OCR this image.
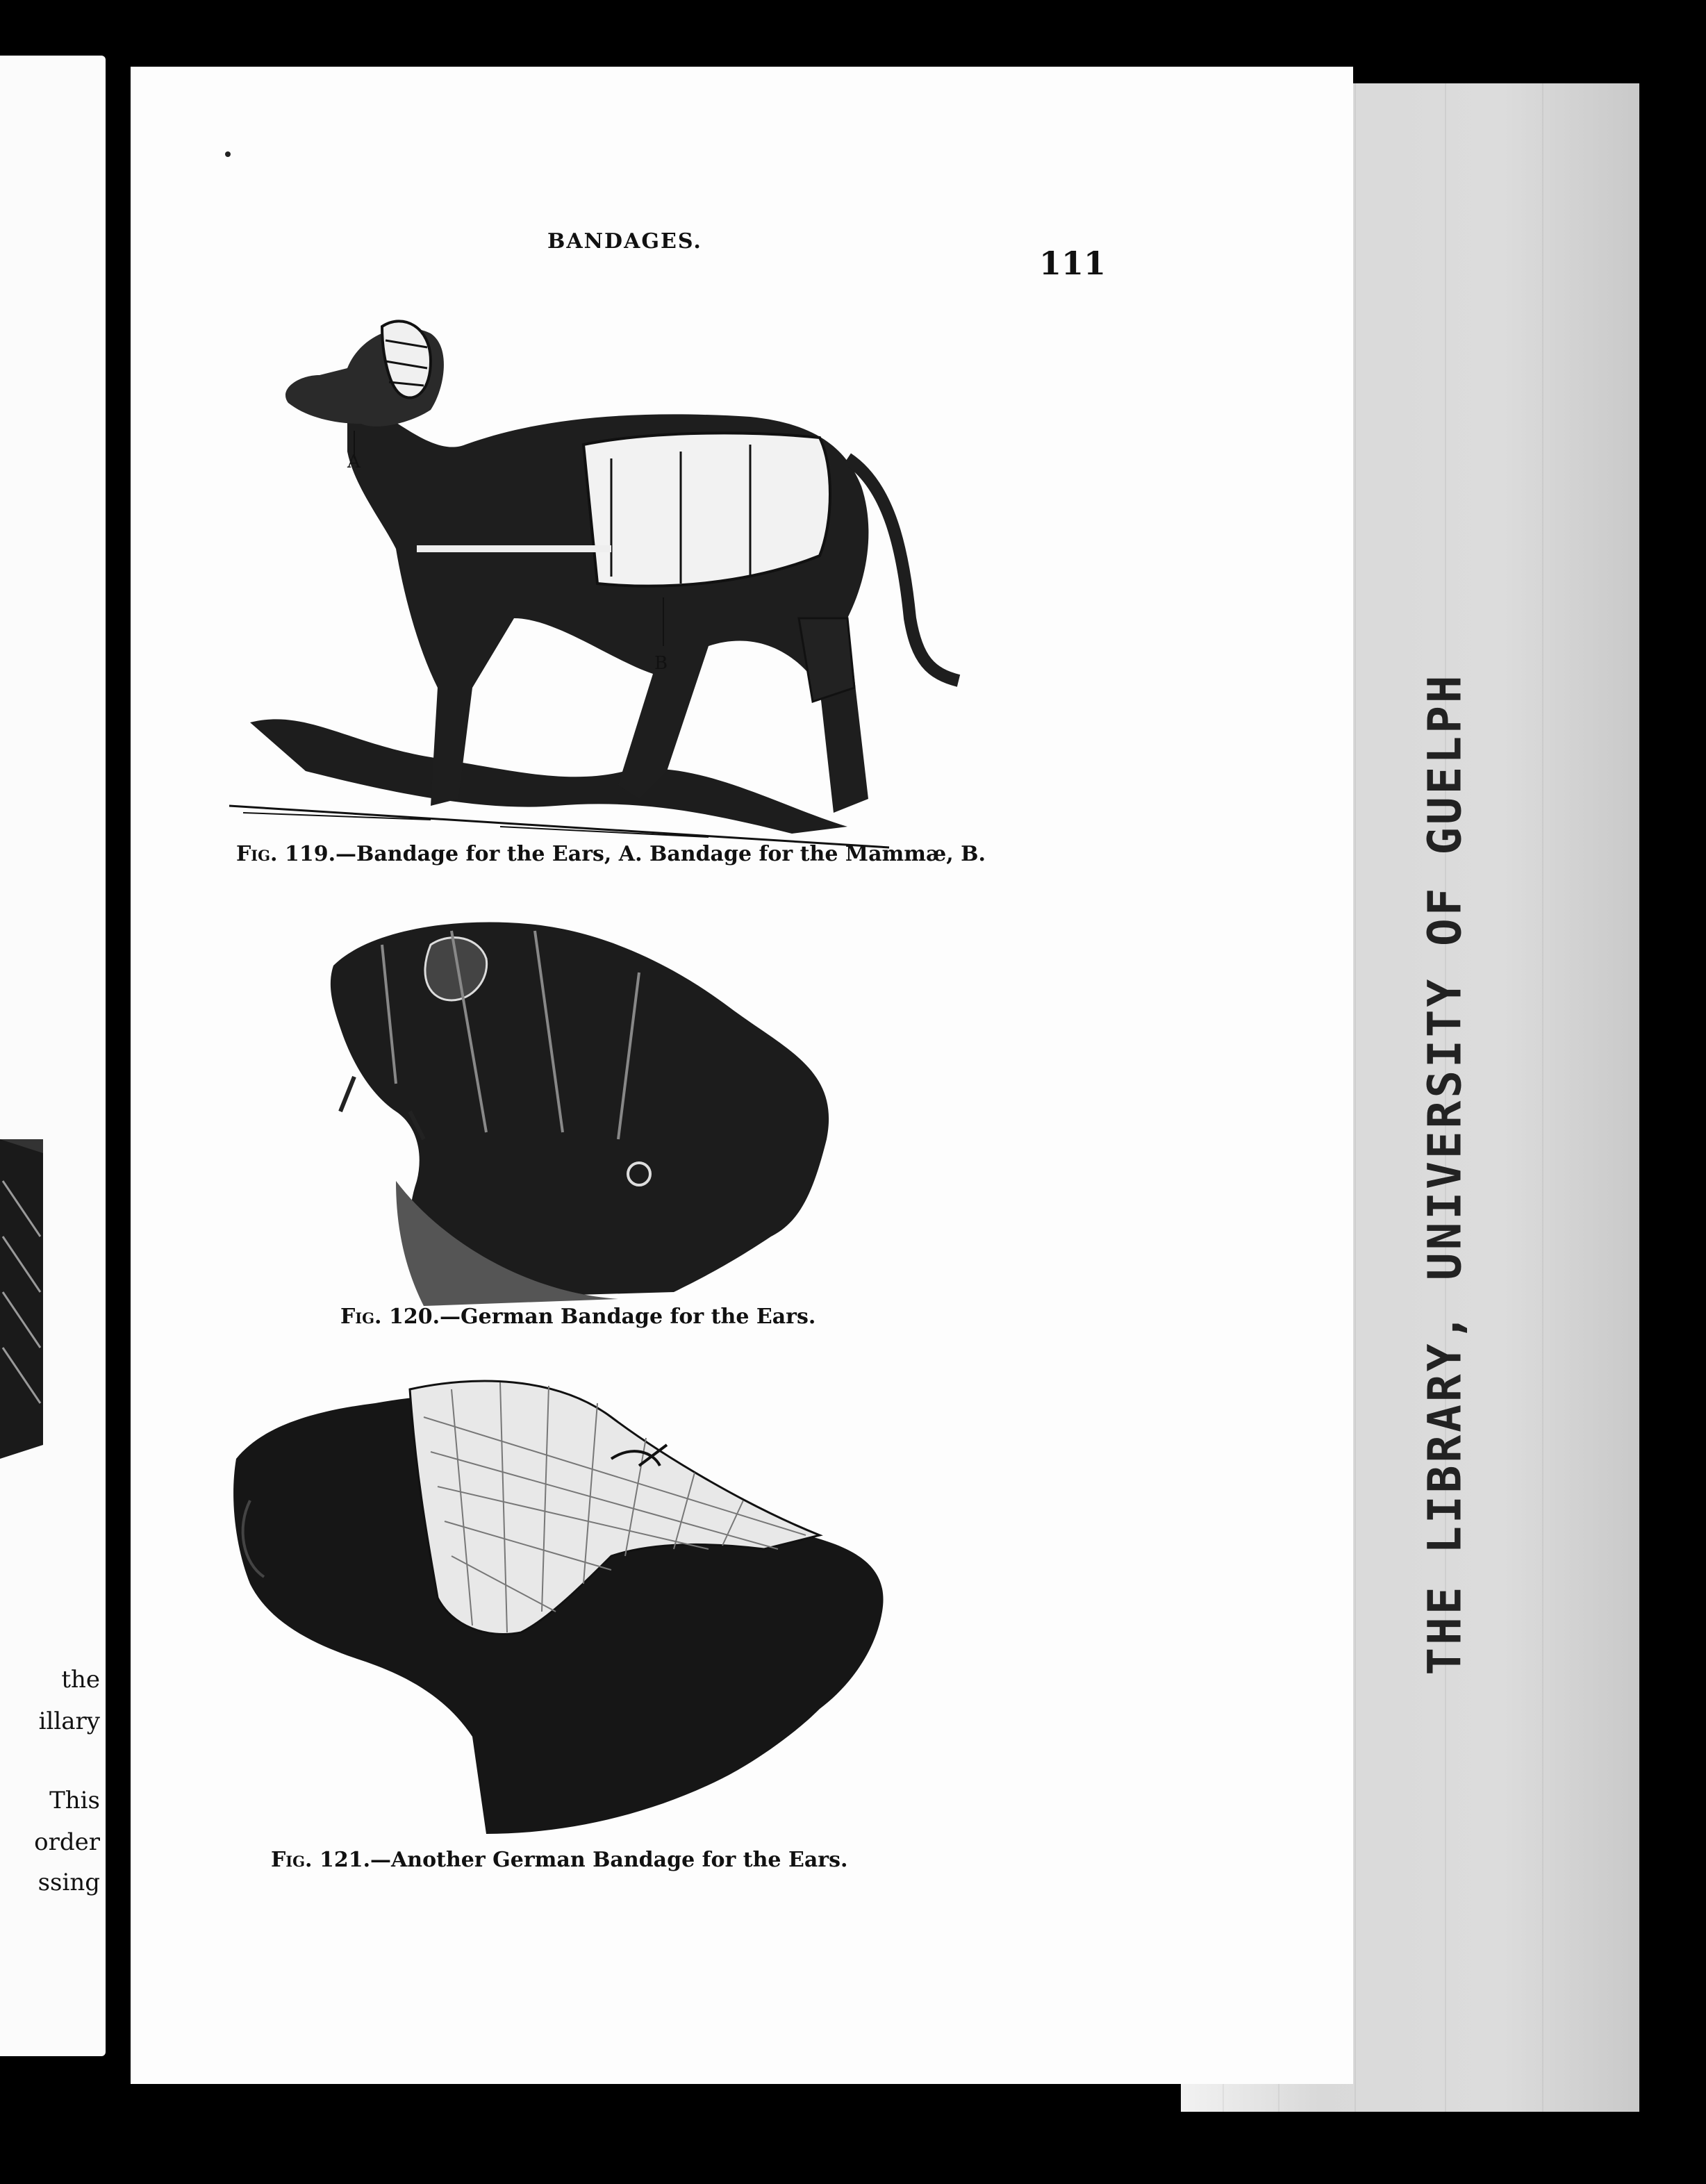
the
illary
This
order
ssing
BANDAGES.
111
A
B
Fig. 119.—Bandage for the Ears, A. Bandage for the Mammæ, B.
Fig. 120.—German Bandage for the Ears.
Fig. 121.—Another German Bandage for the Ears.
THE LIBRARY, UNIVERSITY OF GUELPH
